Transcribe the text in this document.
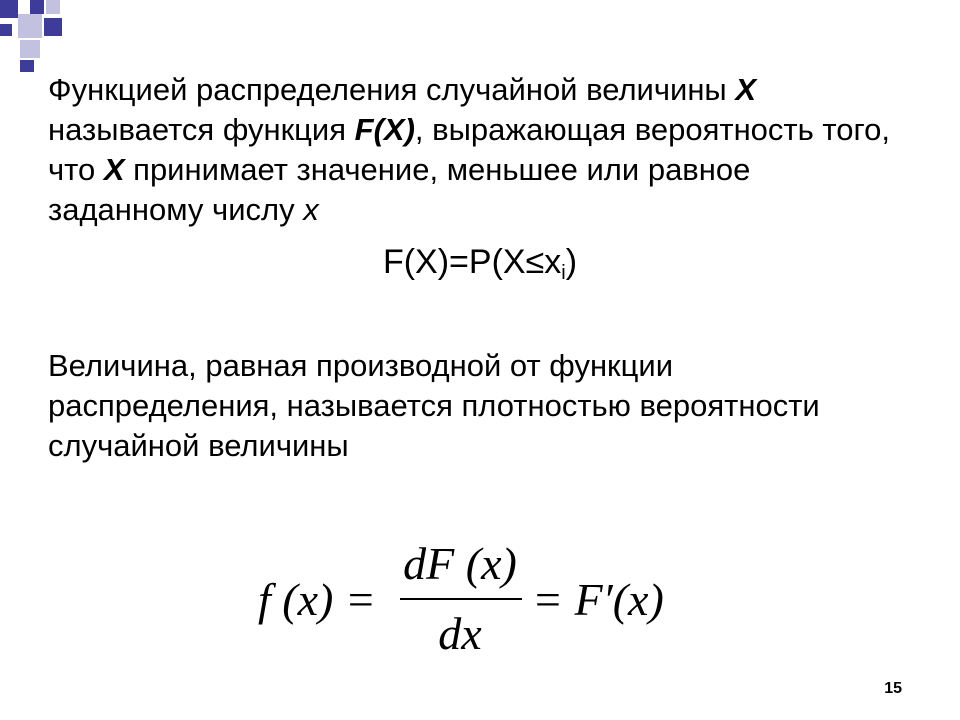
Функцией распределения случайной величины X называется функция F(X), выражающая вероятность того, что X принимает значение, меньшее или равное заданному числу x
$F(X)=P(X\le x_i)$
Величина, равная производной от функции распределения, называется плотностью вероятности случайной величины
f (x) =
dF (x)
dx
= F′(x)
15
